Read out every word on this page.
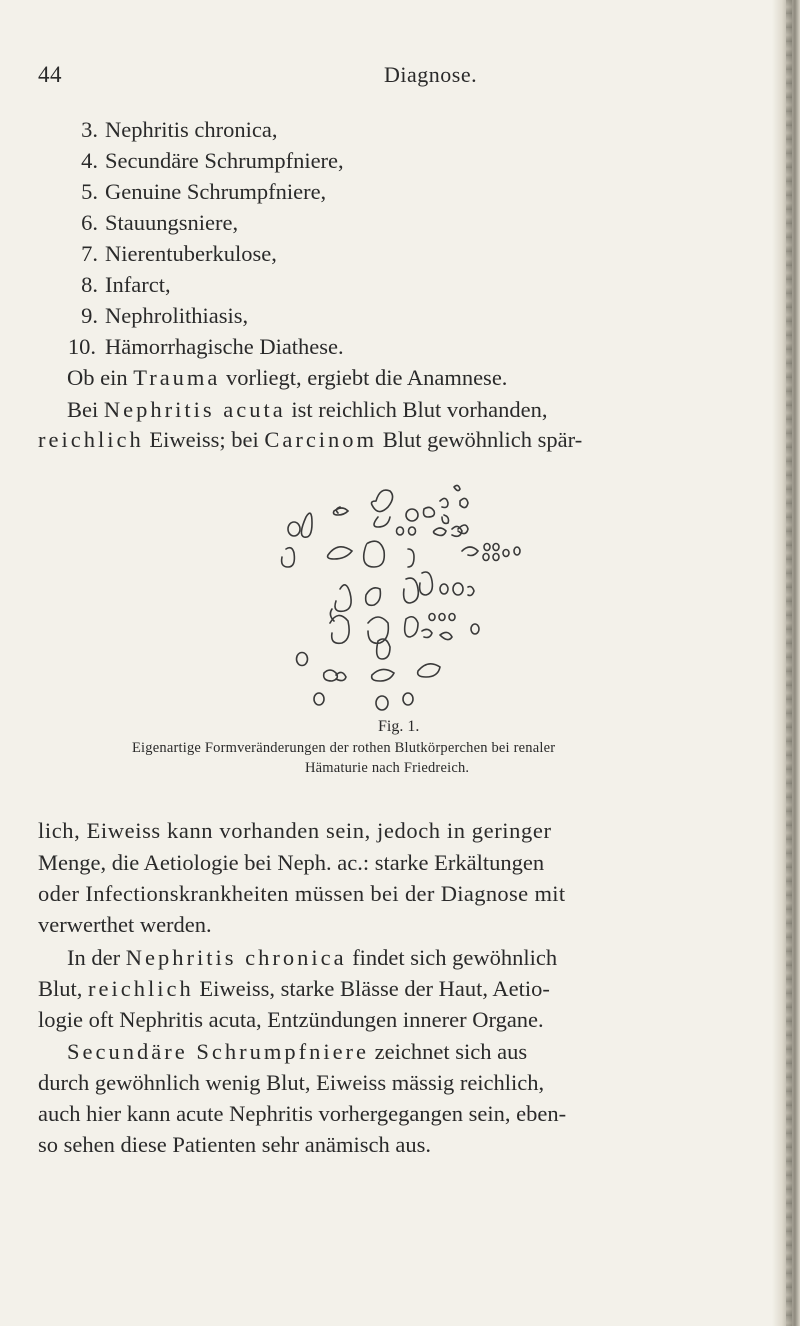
44	Diagnose.
3. Nephritis chronica,
4. Secundäre Schrumpfniere,
5. Genuine Schrumpfniere,
6. Stauungsniere,
7. Nierentuberkulose,
8. Infarct,
9. Nephrolithiasis,
10. Hämorrhagische Diathese.
Ob ein Trauma vorliegt, ergiebt die Anamnese.
Bei Nephritis acuta ist reichlich Blut vorhanden,
reichlich Eiweiss; bei Carcinom Blut gewöhnlich spär-
Fig. 1.
Eigenartige Formveränderungen der rothen Blutkörperchen bei renaler
Hämaturie nach Friedreich.
lich, Eiweiss kann vorhanden sein, jedoch in geringer
Menge, die Aetiologie bei Neph. ac.: starke Erkältungen
oder Infectionskrankheiten müssen bei der Diagnose mit
verwerthet werden.
In der Nephritis chronica findet sich gewöhnlich
Blut, reichlich Eiweiss, starke Blässe der Haut, Aetio-
logie oft Nephritis acuta, Entzündungen innerer Organe.
Secundäre Schrumpfniere zeichnet sich aus
durch gewöhnlich wenig Blut, Eiweiss mässig reichlich,
auch hier kann acute Nephritis vorhergegangen sein, eben-
so sehen diese Patienten sehr anämisch aus.
